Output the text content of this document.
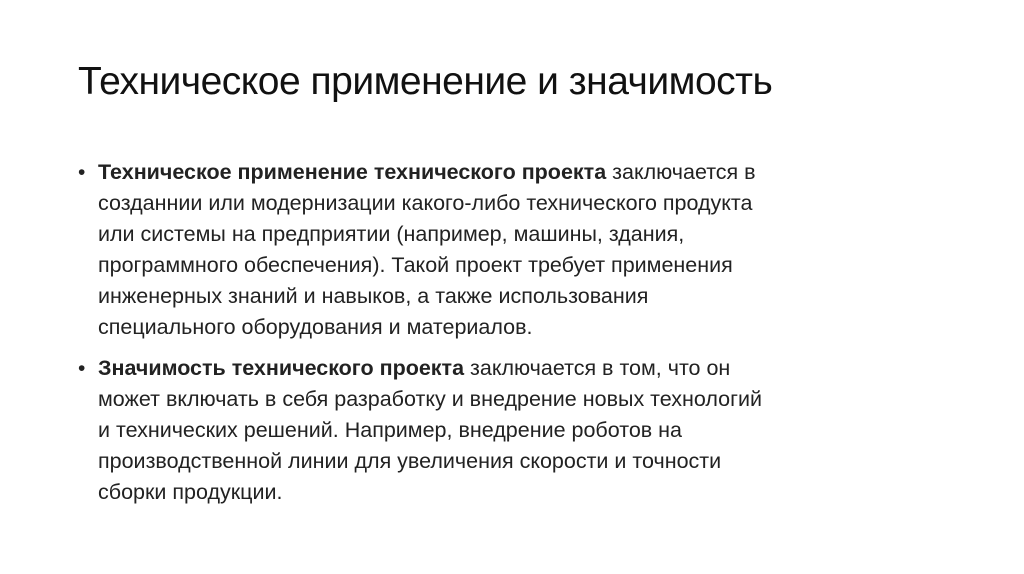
Техническое применение и значимость
• Техническое применение технического проекта заключается в
созданнии или модернизации какого-либо технического продукта
или системы на предприятии (например, машины, здания,
программного обеспечения). Такой проект требует применения
инженерных знаний и навыков, а также использования
специального оборудования и материалов.
• Значимость технического проекта заключается в том, что он
может включать в себя разработку и внедрение новых технологий
и технических решений. Например, внедрение роботов на
производственной линии для увеличения скорости и точности
сборки продукции.
